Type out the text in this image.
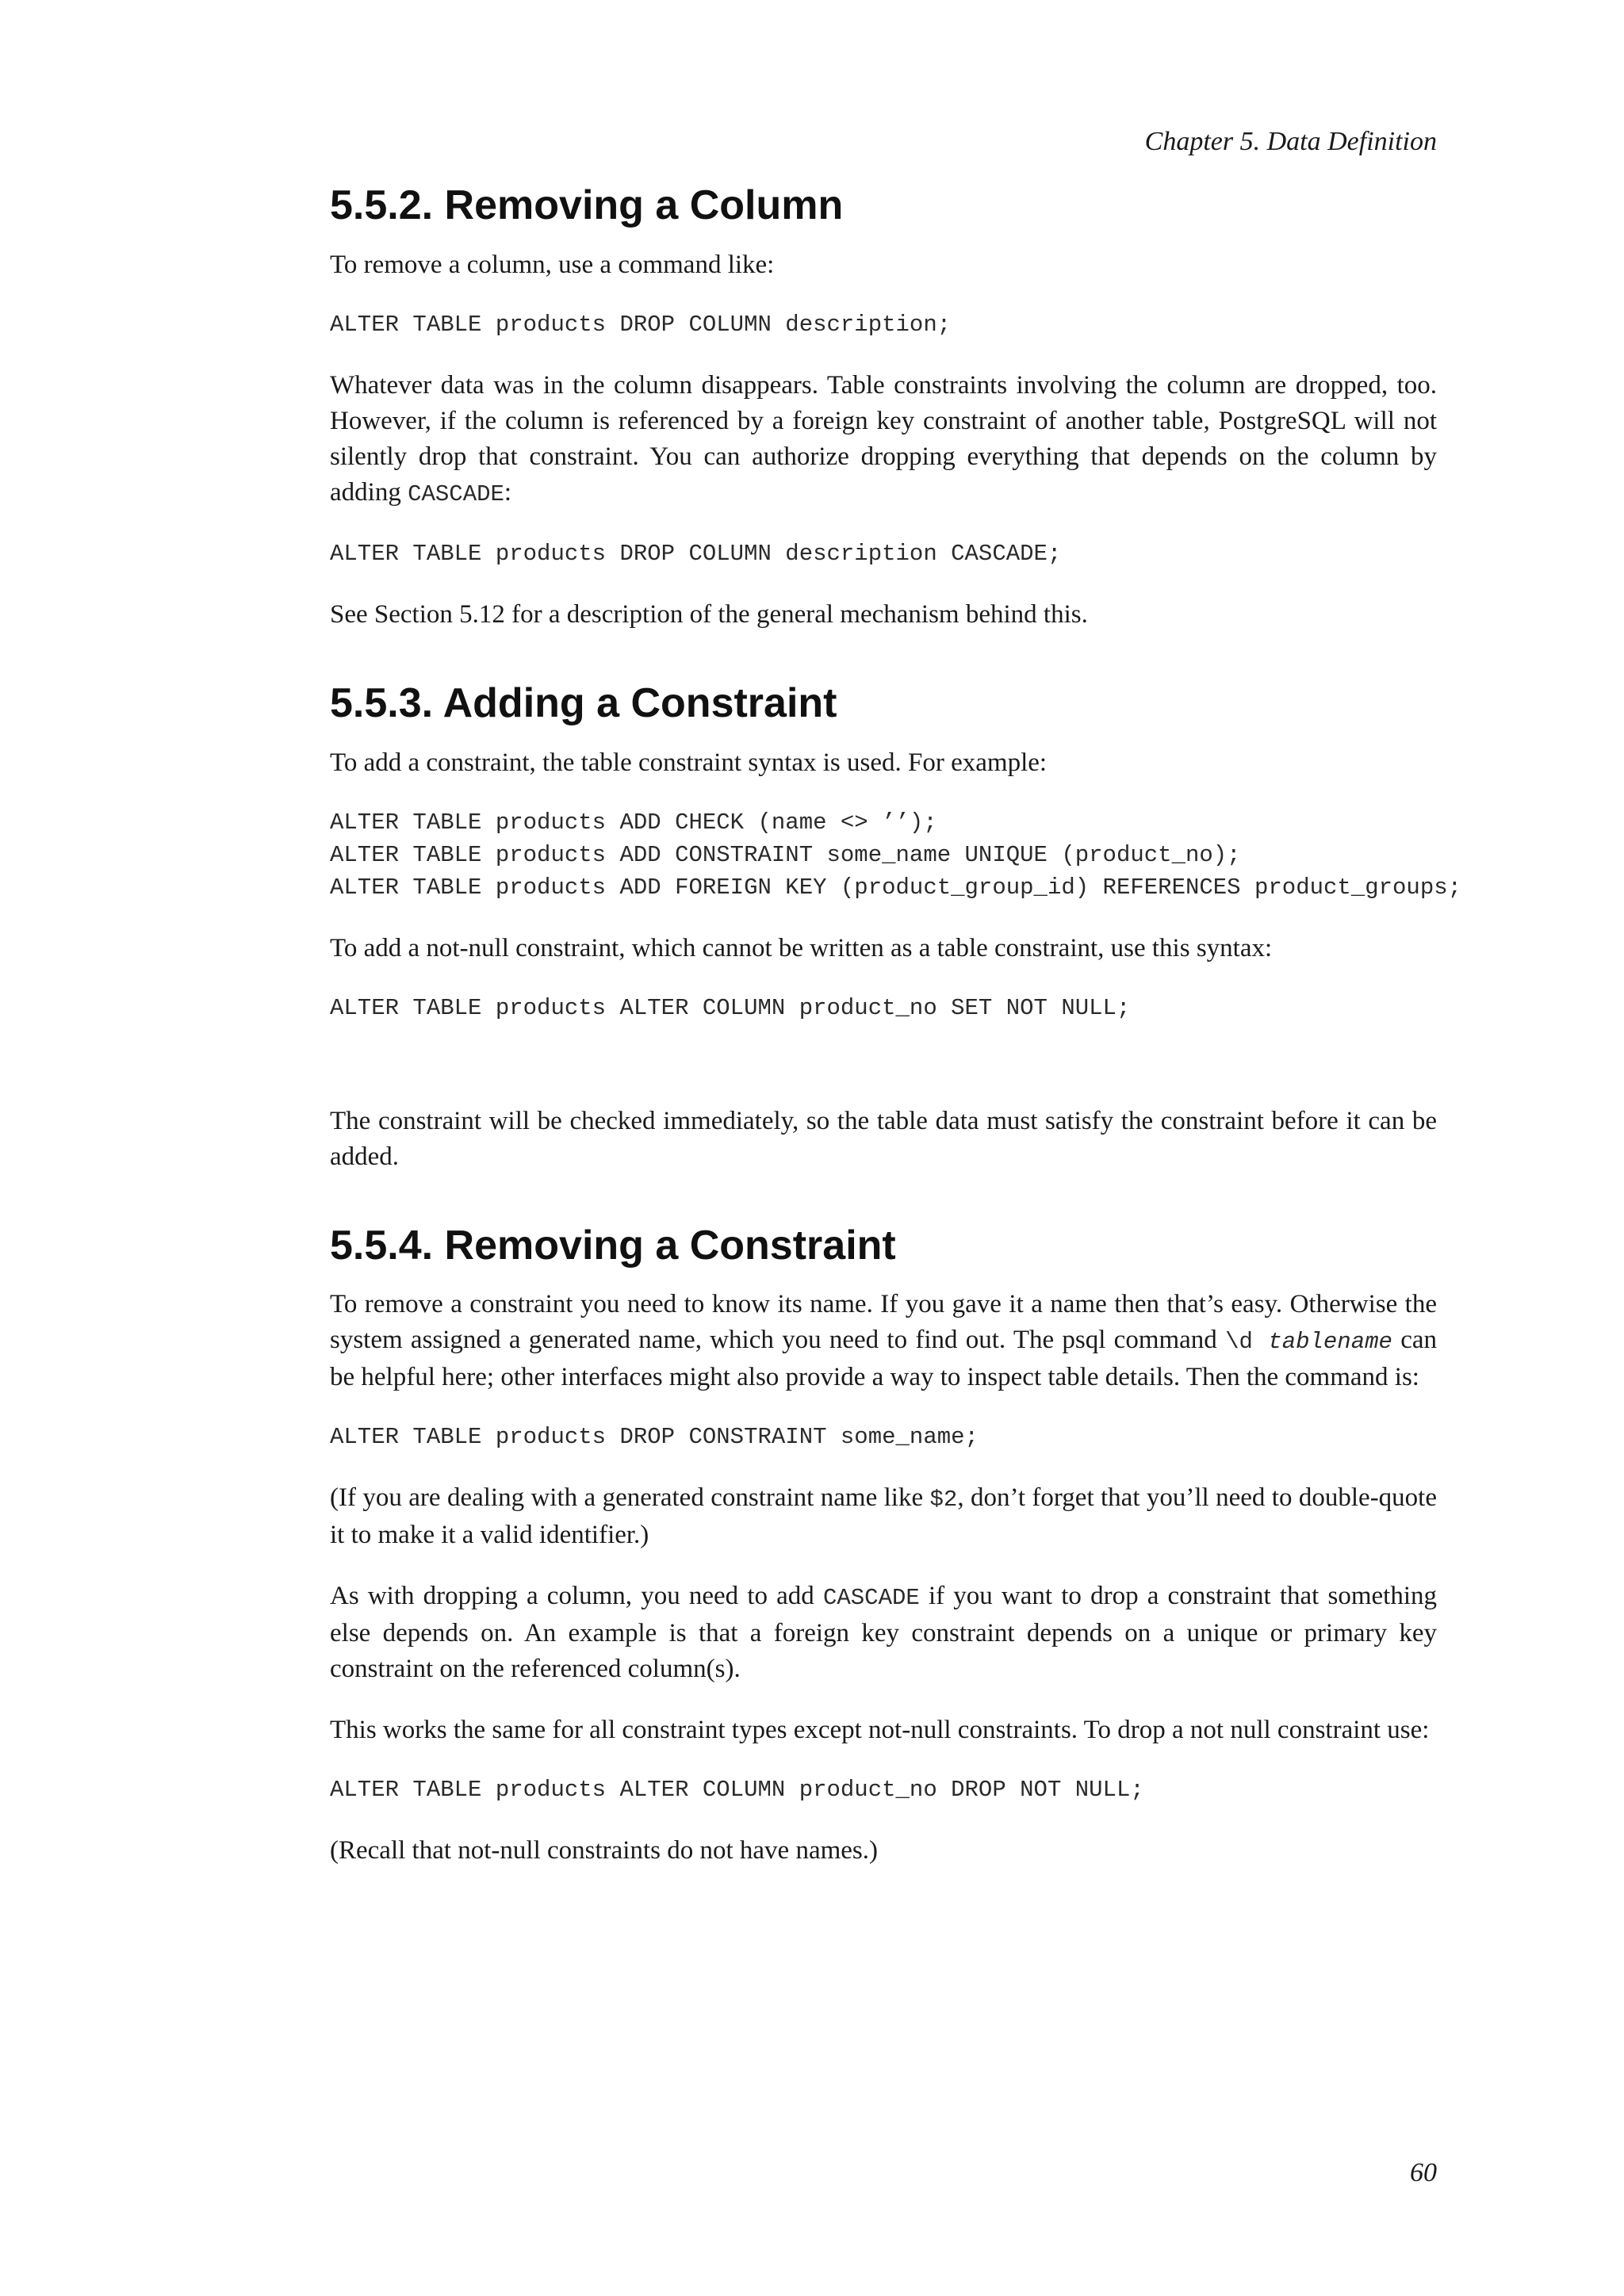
Chapter 5. Data Definition
5.5.2. Removing a Column

To remove a column, use a command like:

ALTER TABLE products DROP COLUMN description;

Whatever data was in the column disappears. Table constraints involving the column are dropped, too. However, if the column is referenced by a foreign key constraint of another table, PostgreSQL will not silently drop that constraint. You can authorize dropping everything that depends on the column by adding CASCADE:

ALTER TABLE products DROP COLUMN description CASCADE;

See Section 5.12 for a description of the general mechanism behind this.

5.5.3. Adding a Constraint

To add a constraint, the table constraint syntax is used. For example:

ALTER TABLE products ADD CHECK (name <> ’’);
ALTER TABLE products ADD CONSTRAINT some_name UNIQUE (product_no);
ALTER TABLE products ADD FOREIGN KEY (product_group_id) REFERENCES product_groups;

To add a not-null constraint, which cannot be written as a table constraint, use this syntax:

ALTER TABLE products ALTER COLUMN product_no SET NOT NULL;

The constraint will be checked immediately, so the table data must satisfy the constraint before it can be added.

5.5.4. Removing a Constraint

To remove a constraint you need to know its name. If you gave it a name then that’s easy. Otherwise the system assigned a generated name, which you need to find out. The psql command \d tablename can be helpful here; other interfaces might also provide a way to inspect table details. Then the command is:

ALTER TABLE products DROP CONSTRAINT some_name;

(If you are dealing with a generated constraint name like $2, don’t forget that you’ll need to double-quote it to make it a valid identifier.)

As with dropping a column, you need to add CASCADE if you want to drop a constraint that something else depends on. An example is that a foreign key constraint depends on a unique or primary key constraint on the referenced column(s).

This works the same for all constraint types except not-null constraints. To drop a not null constraint use:

ALTER TABLE products ALTER COLUMN product_no DROP NOT NULL;

(Recall that not-null constraints do not have names.)

60
